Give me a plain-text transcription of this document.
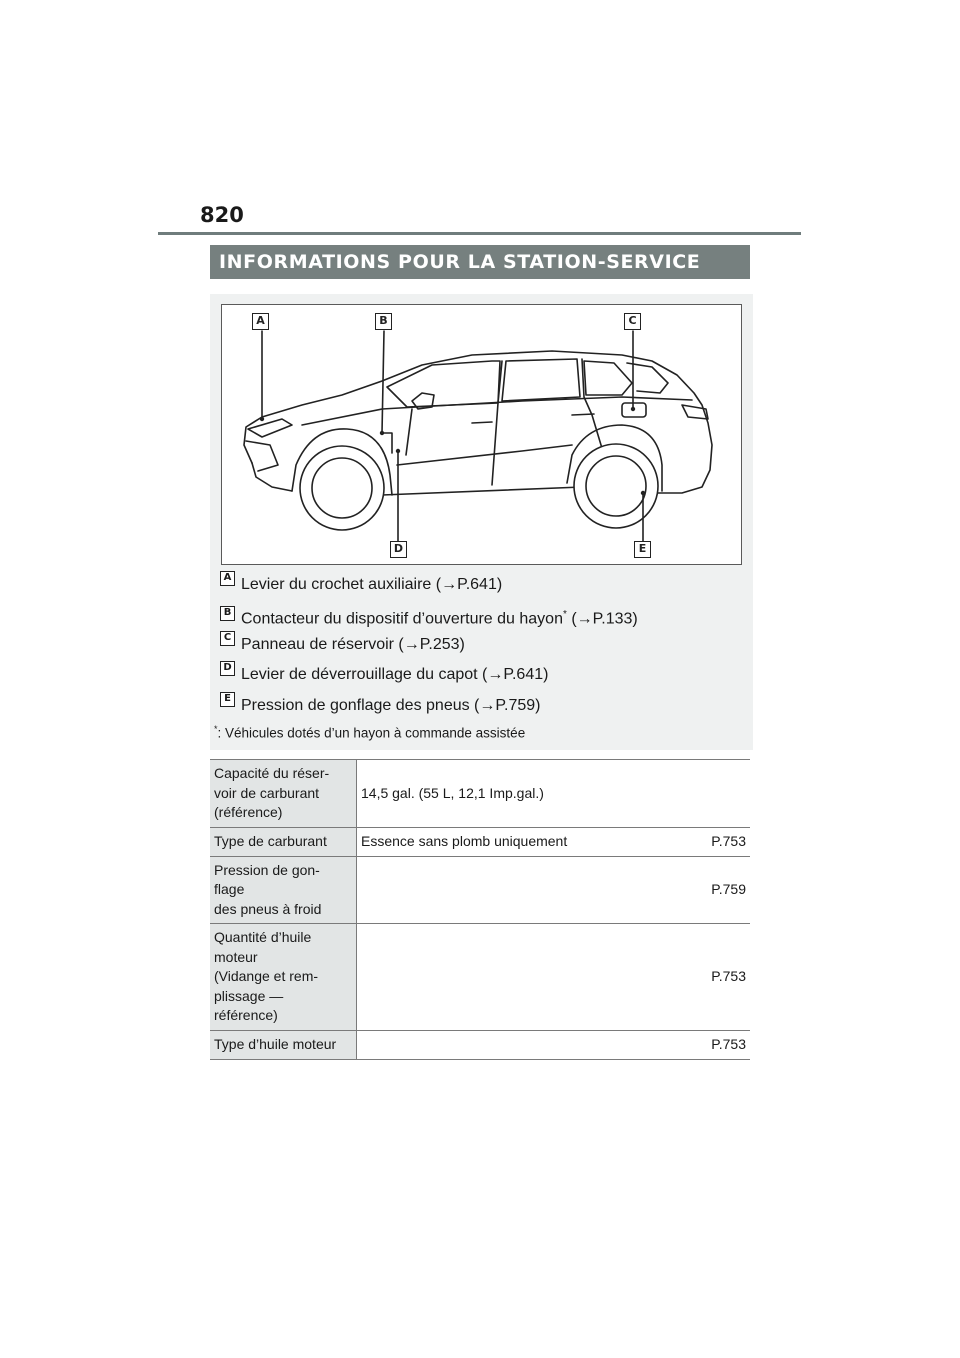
820
INFORMATIONS POUR LA STATION-SERVICE
A	B	C
D	E
A Levier du crochet auxiliaire (→P.641)
B Contacteur du dispositif d’ouverture du hayon* (→P.133)
C Panneau de réservoir (→P.253)
D Levier de déverrouillage du capot (→P.641)
E Pression de gonflage des pneus (→P.759)
*: Véhicules dotés d’un hayon à commande assistée
Capacité du réser-
voir de carburant
(référence)	14,5 gal. (55 L, 12,1 Imp.gal.)	
Type de carburant	Essence sans plomb uniquement	P.753
Pression de gon-
flage
des pneus à froid		P.759
Quantité d’huile
moteur
(Vidange et rem-
plissage —
référence)		P.753
Type d’huile moteur		P.753
